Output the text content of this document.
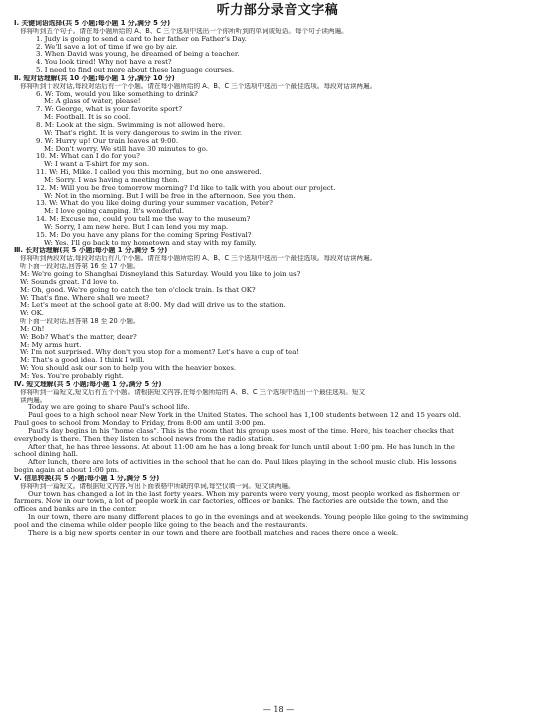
听力部分录音文字稿
Ⅰ. 关键词语选择(共 5 小题;每小题 1 分,满分 5 分)
你将听到五个句子。请在每小题所给的 A、B、C 三个选项中选出一个你所听到的单词或短语。每个句子读两遍。
1. Judy is going to send a card to her father on Father's Day.
2. We'll save a lot of time if we go by air.
3. When David was young, he dreamed of being a teacher.
4. You look tired! Why not have a rest?
5. I need to find out more about these language courses.
Ⅱ. 短对话理解(共 10 小题;每小题 1 分,满分 10 分)
你将听到十段对话,每段对话后有一个小题。请在每小题所给的 A、B、C 三个选项中选出一个最佳选项。每段对话读两遍。
6. W: Tom, would you like something to drink?
M: A glass of water, please!
7. W: George, what is your favorite sport?
M: Football. It is so cool.
8. M: Look at the sign. Swimming is not allowed here.
W: That's right. It is very dangerous to swim in the river.
9. W: Hurry up! Our train leaves at 9:00.
M: Don't worry. We still have 30 minutes to go.
10. M: What can I do for you?
W: I want a T-shirt for my son.
11. W: Hi, Mike. I called you this morning, but no one answered.
M: Sorry. I was having a meeting then.
12. M: Will you be free tomorrow morning? I'd like to talk with you about our project.
W: Not in the morning. But I will be free in the afternoon. See you then.
13. W: What do you like doing during your summer vacation, Peter?
M: I love going camping. It's wonderful.
14. M: Excuse me, could you tell me the way to the museum?
W: Sorry, I am new here. But I can lend you my map.
15. M: Do you have any plans for the coming Spring Festival?
W: Yes. I'll go back to my hometown and stay with my family.
Ⅲ. 长对话理解(共 5 小题;每小题 1 分,满分 5 分)
你将听到两段对话,每段对话后有几个小题。请在每小题所给的 A、B、C 三个选项中选出一个最佳选项。每段对话读两遍。
听下面一段对话,回答第 16 至 17 小题。
M: We're going to Shanghai Disneyland this Saturday. Would you like to join us?
W: Sounds great. I'd love to.
M: Oh, good. We're going to catch the ten o'clock train. Is that OK?
W: That's fine. Where shall we meet?
M: Let's meet at the school gate at 8:00. My dad will drive us to the station.
W: OK.
听下面一段对话,回答第 18 至 20 小题。
M: Oh!
W: Bob? What's the matter, dear?
M: My arms hurt.
W: I'm not surprised. Why don't you stop for a moment? Let's have a cup of tea!
M: That's a good idea. I think I will.
W: You should ask our son to help you with the heavier boxes.
M: Yes. You're probably right.
Ⅳ. 短文理解(共 5 小题;每小题 1 分,满分 5 分)
你将听到一篇短文,短文后有五个小题。请根据短文内容,在每小题所给的 A、B、C 三个选项中选出一个最佳选项。短文
读两遍。
Today we are going to share Paul's school life.
Paul goes to a high school near New York in the United States. The school has 1,100 students between 12 and 15 years old.
Paul goes to school from Monday to Friday, from 8:00 am until 3:00 pm.
Paul's day begins in his "home class". This is the room that his group uses most of the time. Here, his teacher checks that
everybody is there. Then they listen to school news from the radio station.
After that, he has three lessons. At about 11:00 am he has a long break for lunch until about 1:00 pm. He has lunch in the
school dining hall.
After lunch, there are lots of activities in the school that he can do. Paul likes playing in the school music club. His lessons
begin again at about 1:00 pm.
Ⅴ. 信息转换(共 5 小题;每小题 1 分,满分 5 分)
你将听到一篇短文。请根据短文内容,写出下面表格中所缺的单词,每空仅填一词。短文读两遍。
Our town has changed a lot in the last forty years. When my parents were very young, most people worked as fishermen or
farmers. Now in our town, a lot of people work in car factories, offices or banks. The factories are outside the town, and the
offices and banks are in the center.
In our town, there are many different places to go in the evenings and at weekends. Young people like going to the swimming
pool and the cinema while older people like going to the beach and the restaurants.
There is a big new sports center in our town and there are football matches and races there once a week.
— 18 —
